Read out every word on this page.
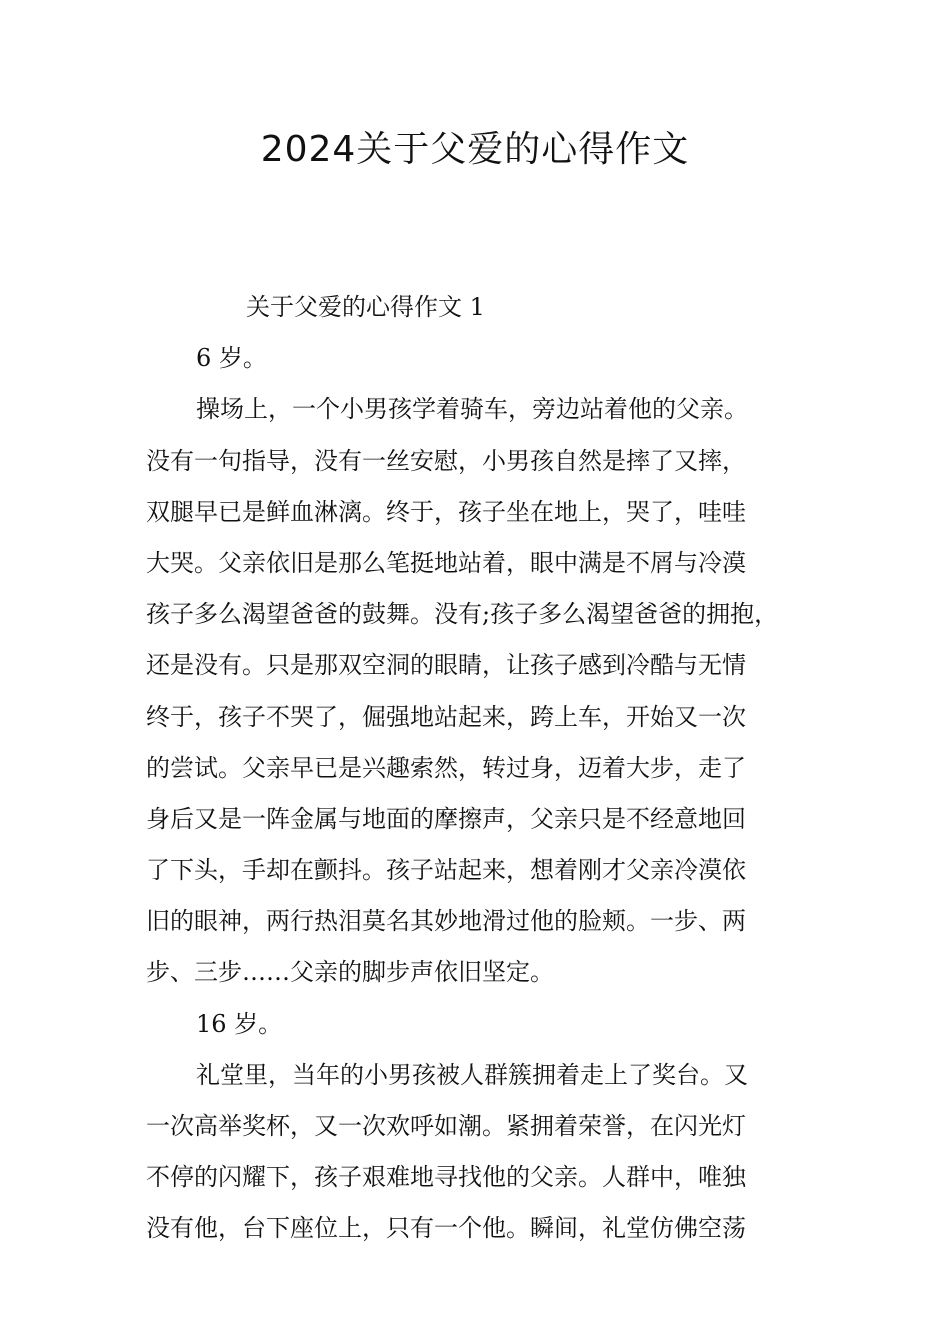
2024关于父爱的心得作文
关于父爱的心得作文 1
6 岁。
操场上，一个小男孩学着骑车，旁边站着他的父亲。
没有一句指导，没有一丝安慰，小男孩自然是摔了又摔，
双腿早已是鲜血淋漓。终于，孩子坐在地上，哭了，哇哇
大哭。父亲依旧是那么笔挺地站着，眼中满是不屑与冷漠
孩子多么渴望爸爸的鼓舞。没有;孩子多么渴望爸爸的拥抱，
还是没有。只是那双空洞的眼睛，让孩子感到冷酷与无情
终于，孩子不哭了，倔强地站起来，跨上车，开始又一次
的尝试。父亲早已是兴趣索然，转过身，迈着大步，走了
身后又是一阵金属与地面的摩擦声，父亲只是不经意地回
了下头，手却在颤抖。孩子站起来，想着刚才父亲冷漠依
旧的眼神，两行热泪莫名其妙地滑过他的脸颊。一步、两
步、三步……父亲的脚步声依旧坚定。
16 岁。
礼堂里，当年的小男孩被人群簇拥着走上了奖台。又
一次高举奖杯，又一次欢呼如潮。紧拥着荣誉，在闪光灯
不停的闪耀下，孩子艰难地寻找他的父亲。人群中，唯独
没有他，台下座位上，只有一个他。瞬间，礼堂仿佛空荡
